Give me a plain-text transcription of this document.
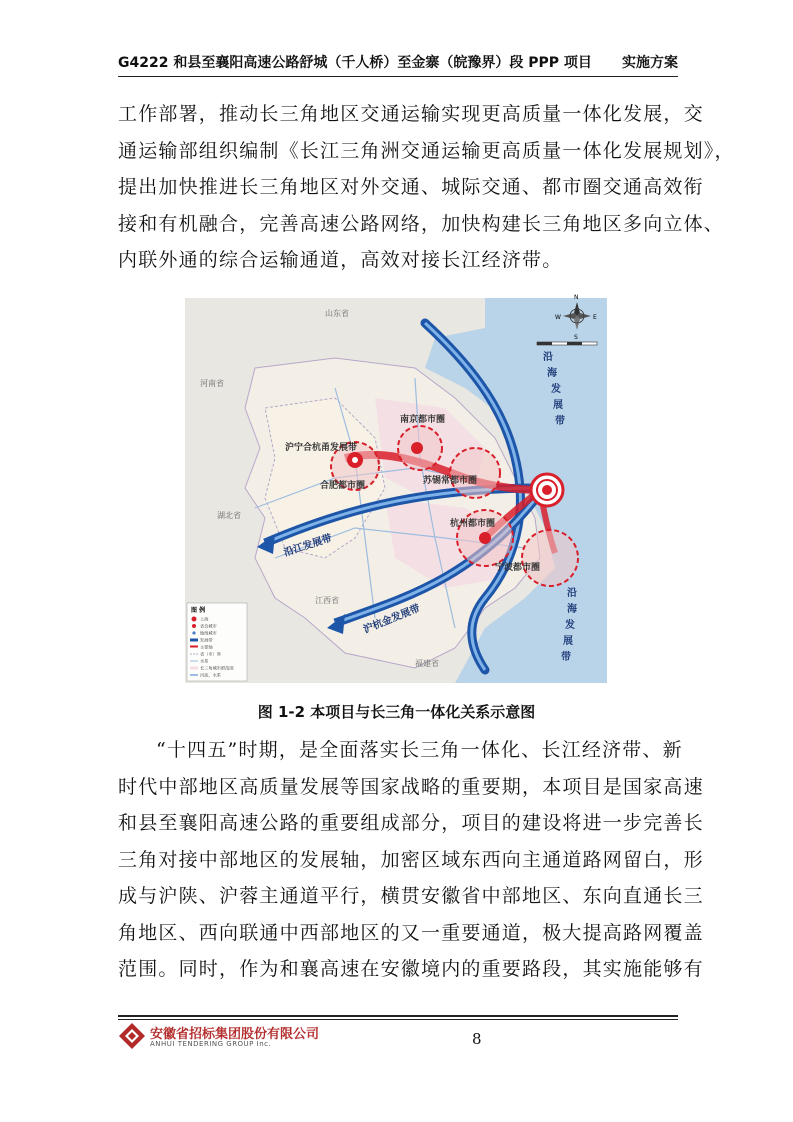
G4222 和县至襄阳高速公路舒城（千人桥）至金寨（皖豫界）段 PPP 项目 实施方案
工作部署，推动长三角地区交通运输实现更高质量一体化发展，交
通运输部组织编制《长江三角洲交通运输更高质量一体化发展规划》，
提出加快推进长三角地区对外交通、城际交通、都市圈交通高效衔
接和有机融合，完善高速公路网络，加快构建长三角地区多向立体、
内联外通的综合运输通道，高效对接长江经济带。
山东省
河南省
湖北省
江西省
福建省
南京都市圈
沪宁合杭甬发展带
合肥都市圈	苏锡常都市圈
杭州都市圈
宁波都市圈
沿
海
发
展
带
沿
海
发
展
带
沿江发展带
沪杭金发展带
N
S
E
W
图 例
上海
省会城市
地级城市
发展带
主要轴
省（市）界
水系
长三角城市群范围
河流、水系
图 1-2 本项目与长三角一体化关系示意图
“十四五”时期，是全面落实长三角一体化、长江经济带、新
时代中部地区高质量发展等国家战略的重要期，本项目是国家高速
和县至襄阳高速公路的重要组成部分，项目的建设将进一步完善长
三角对接中部地区的发展轴，加密区域东西向主通道路网留白，形
成与沪陕、沪蓉主通道平行，横贯安徽省中部地区、东向直通长三
角地区、西向联通中西部地区的又一重要通道，极大提高路网覆盖
范围。同时，作为和襄高速在安徽境内的重要路段，其实施能够有
安徽省招标集团股份有限公司
ANHUI TENDERING GROUP Inc.	8
